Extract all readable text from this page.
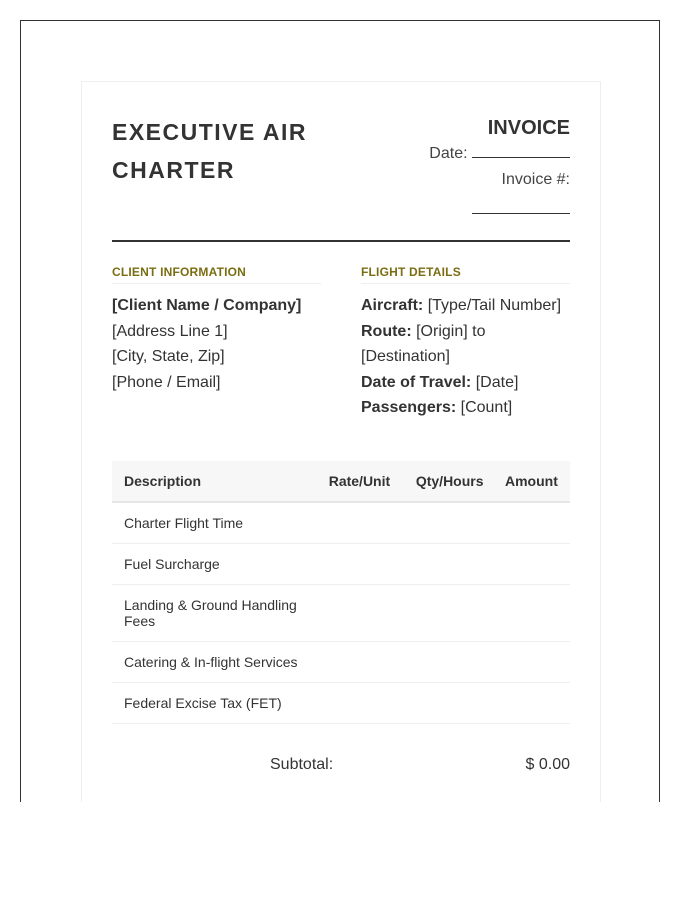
EXECUTIVE AIR CHARTER
INVOICE
Date:
Invoice #:
CLIENT INFORMATION	FLIGHT DETAILS
[Client Name / Company]
[Address Line 1]
[City, State, Zip]
[Phone / Email]
Aircraft: [Type/Tail Number]
Route: [Origin] to
[Destination]
Date of Travel: [Date]
Passengers: [Count]
Description	Rate/Unit	Qty/Hours	Amount
Charter Flight Time			
Fuel Surcharge			
Landing & Ground Handling Fees			
Catering & In-flight Services			
Federal Excise Tax (FET)			
Subtotal:	$ 0.00
